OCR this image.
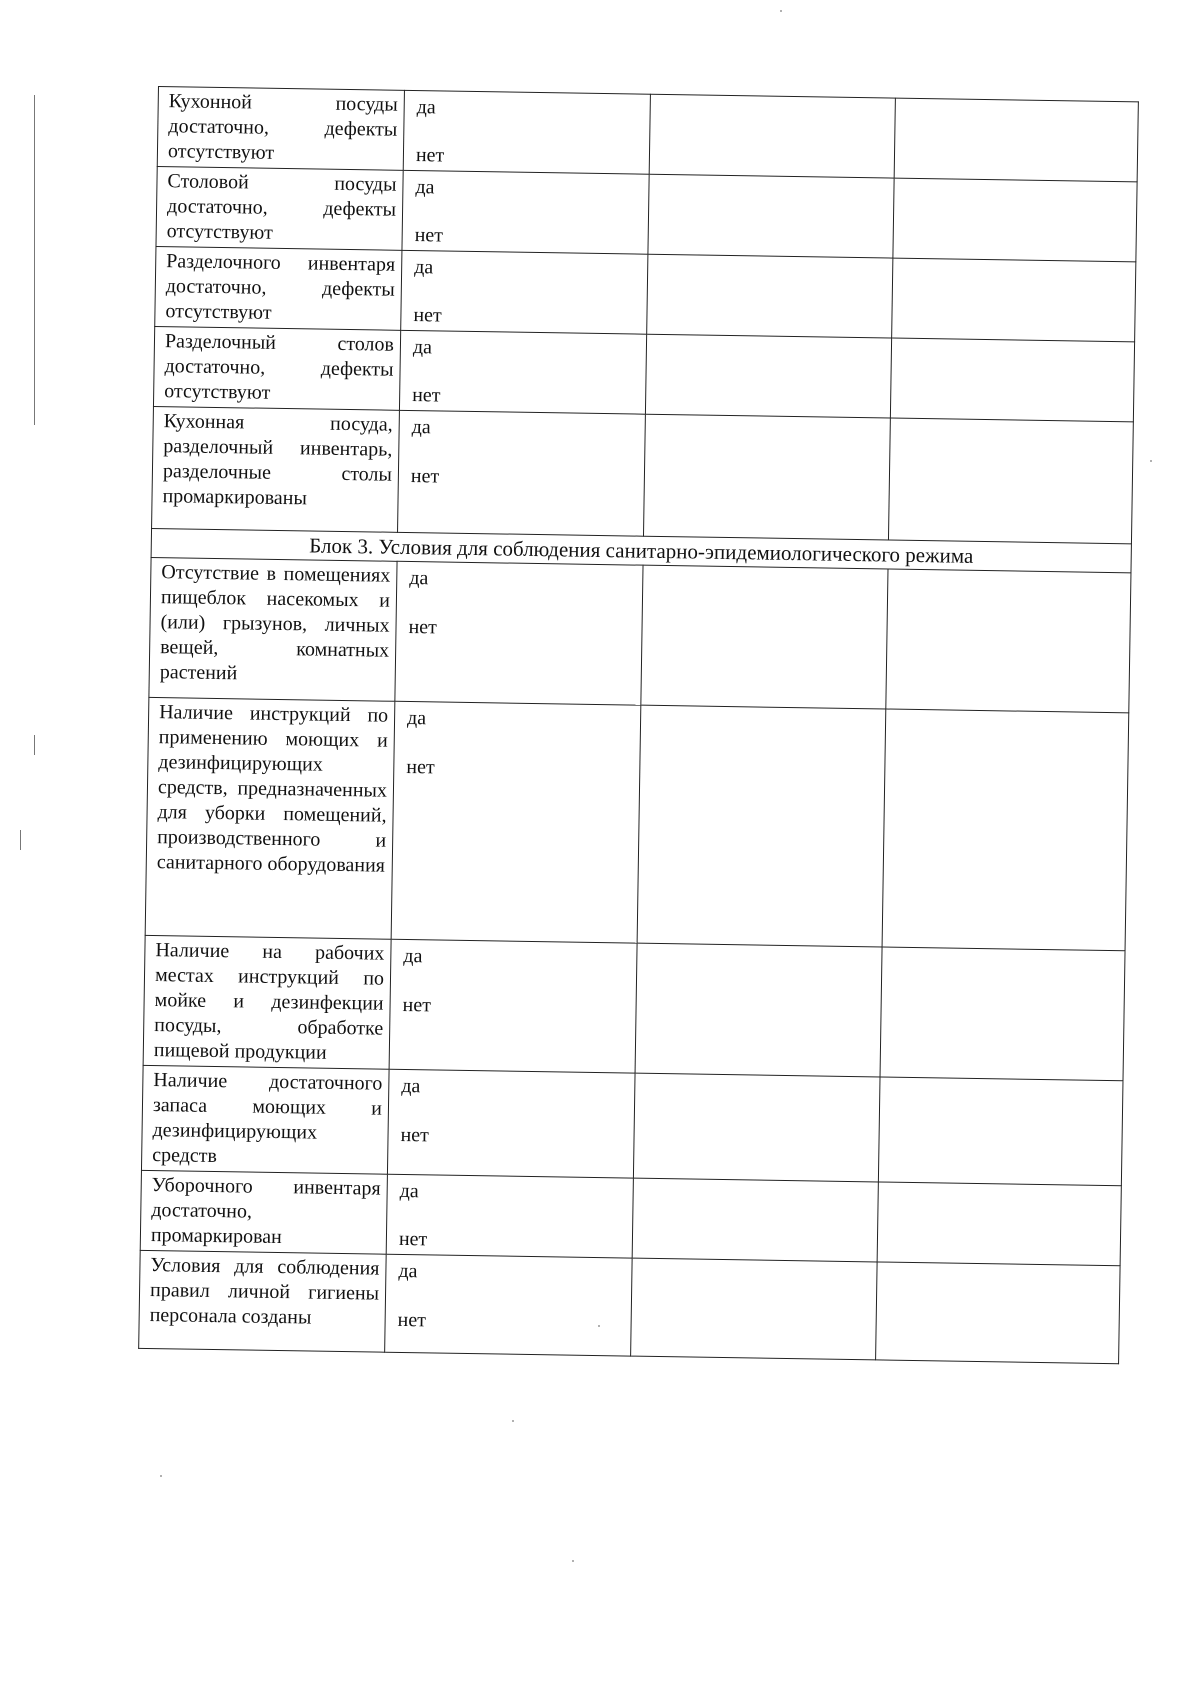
Кухонной посуды достаточно, дефекты отсутствуют	да
нет		

Столовой посуды достаточно, дефекты отсутствуют	да
нет		

Разделочного инвентаря достаточно, дефекты отсутствуют	да
нет		

Разделочный столов достаточно, дефекты отсутствуют	да
нет		

Кухонная посуда, разделочный инвентарь, разделочные столы промаркированы	да
нет		

Блок 3. Условия для соблюдения санитарно-эпидемиологического режима			

Отсутствие в помещениях пищеблок насекомых и (или) грызунов, личных вещей, комнатных растений	да
нет		

Наличие инструкций по применению моющих и дезинфицирующих средств, предназначенных для уборки помещений, производственного и санитарного оборудования	да
нет		

Наличие на рабочих местах инструкций по мойке и дезинфекции посуды, обработке пищевой продукции	да
нет		

Наличие достаточного запаса моющих и дезинфицирующих средств	да
нет		

Уборочного инвентаря достаточно, промаркирован	да
нет		

Условия для соблюдения правил личной гигиены персонала созданы	да
нет		
